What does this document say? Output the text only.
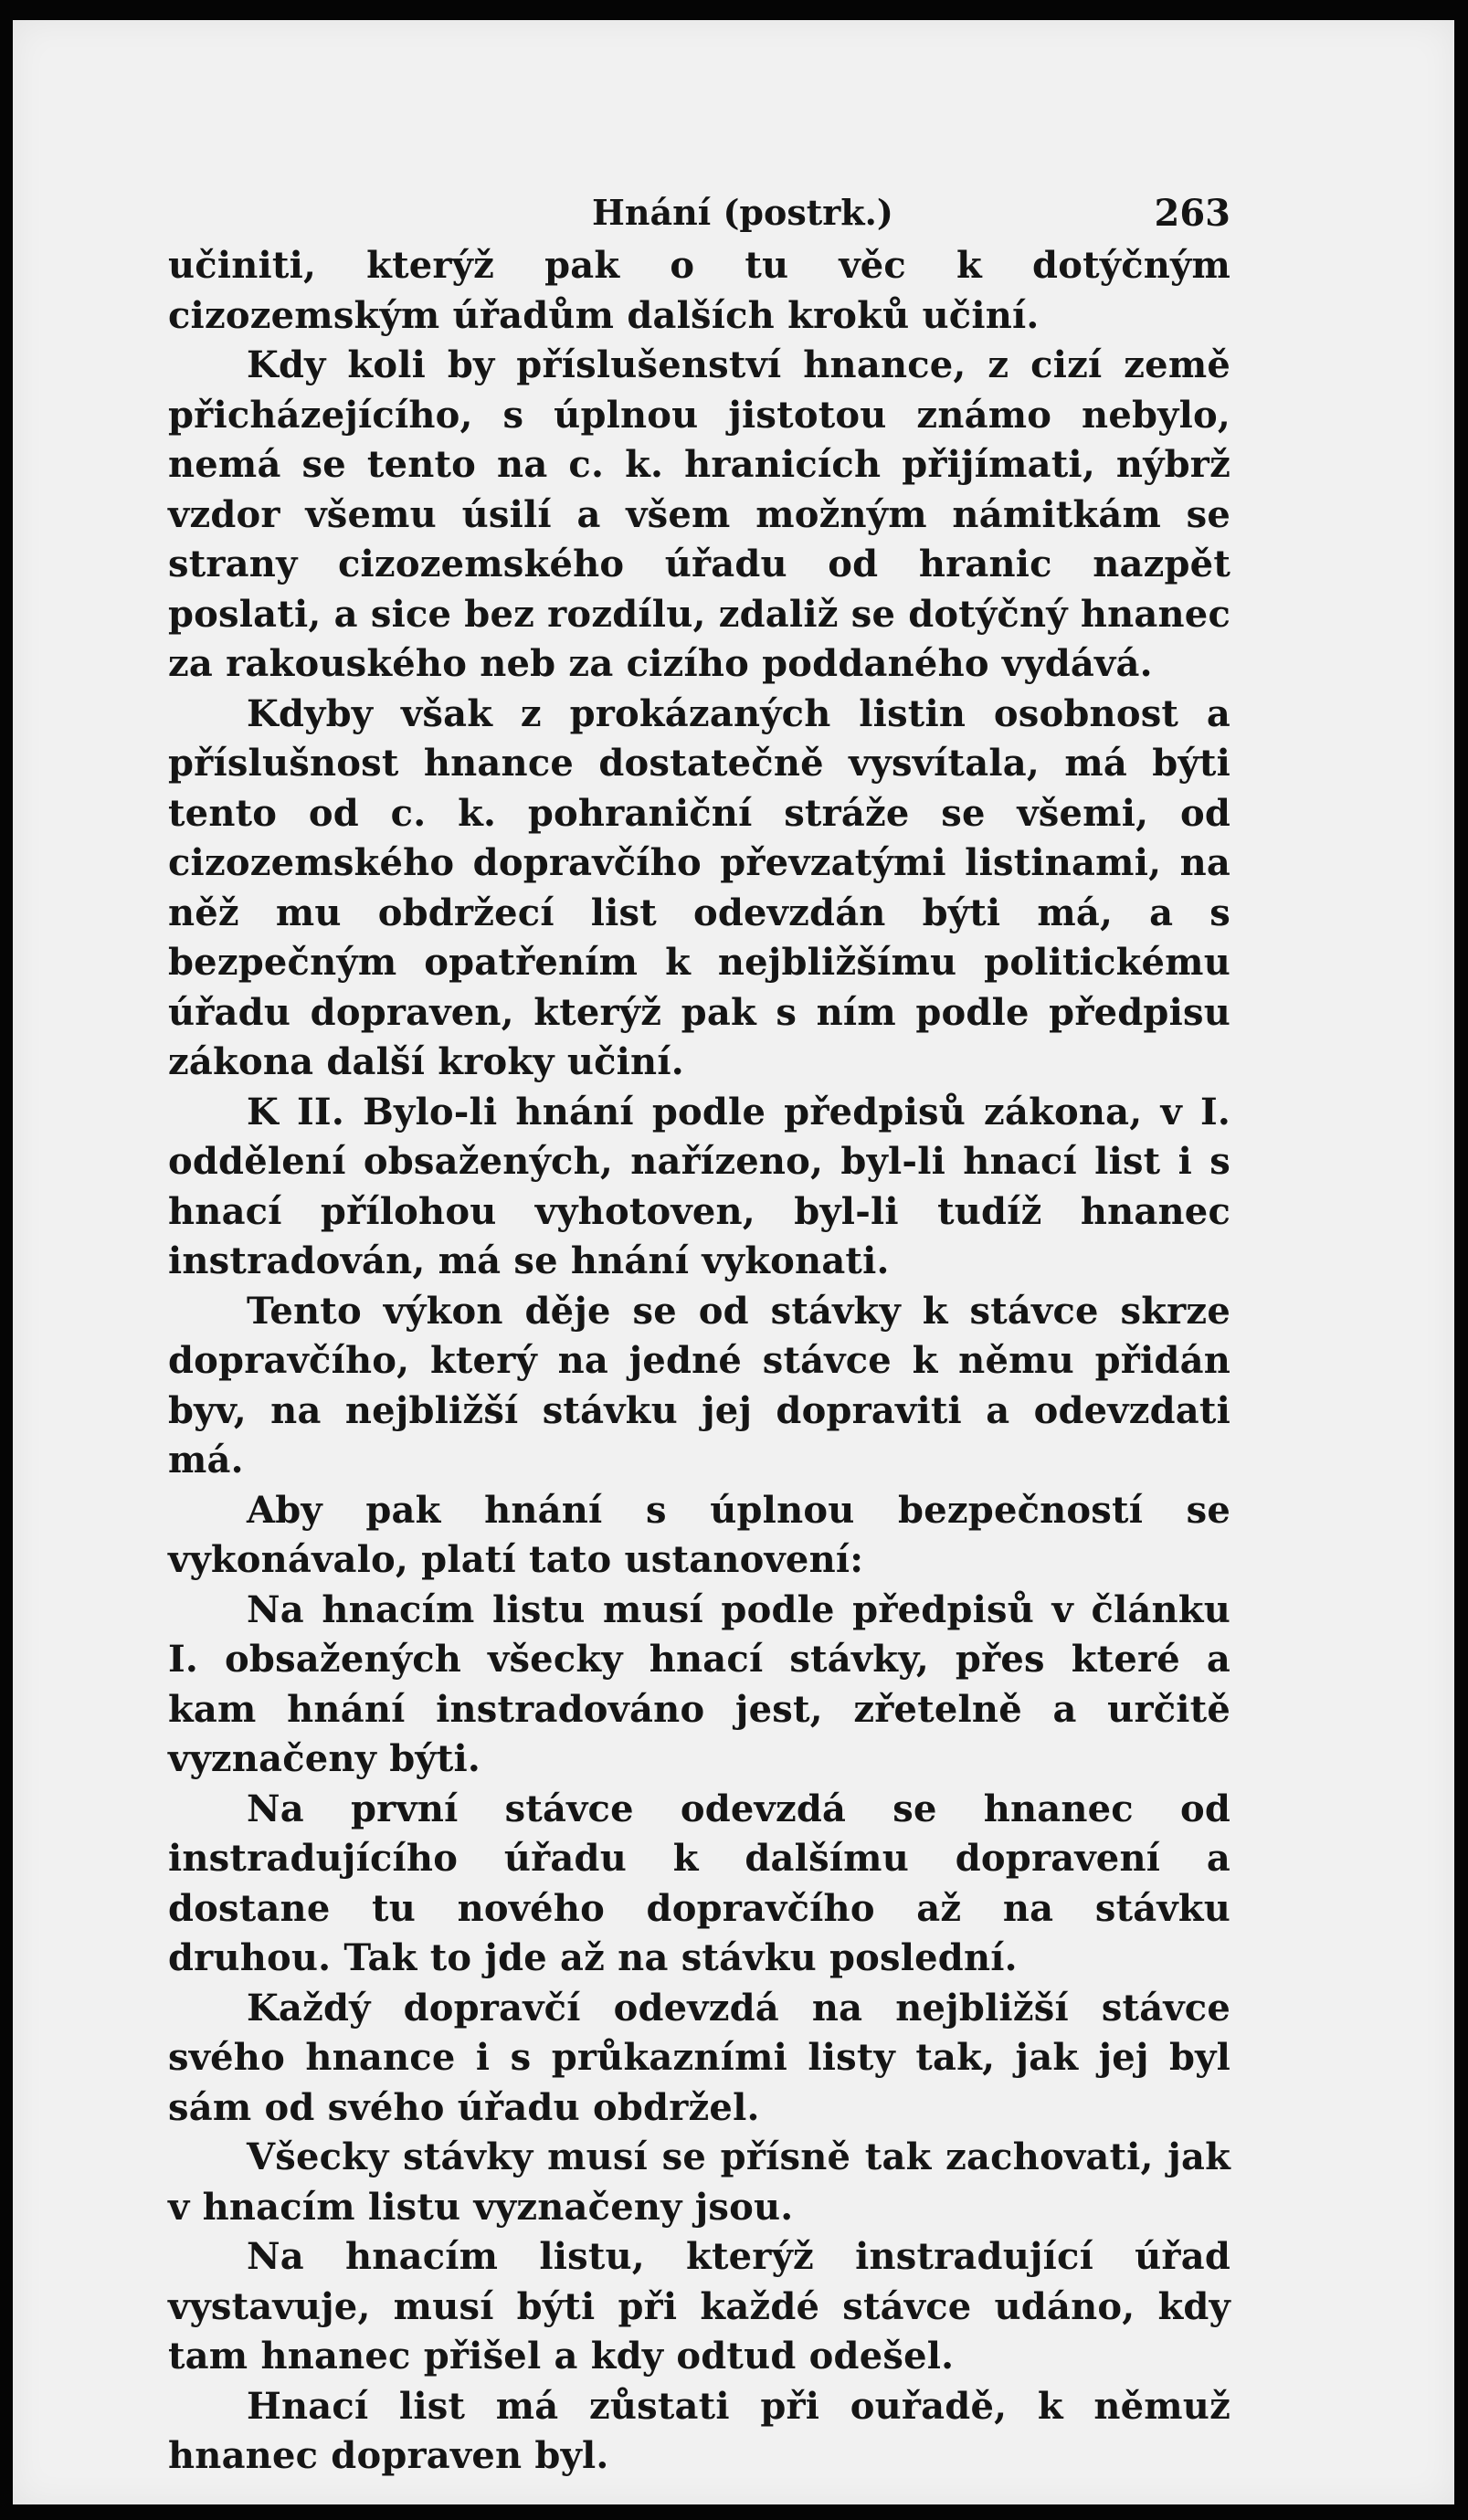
Hnání (postrk.)	263

učiniti, kterýž pak o tu věc k dotýčným cizozemským úřadům dalších kroků učiní.

Kdy koli by příslušenství hnance, z cizí země přicházejícího, s úplnou jistotou známo nebylo, nemá se tento na c. k. hranicích přijímati, nýbrž vzdor všemu úsilí a všem možným námitkám se strany cizozemského úřadu od hranic nazpět poslati, a sice bez rozdílu, zdaliž se dotýčný hnanec za rakouského neb za cizího poddaného vydává.

Kdyby však z prokázaných listin osobnost a příslušnost hnance dostatečně vysvítala, má býti tento od c. k. pohraniční stráže se všemi, od cizozemského dopravčího převzatými listinami, na něž mu obdržecí list odevzdán býti má, a s bezpečným opatřením k nejbližšímu politickému úřadu dopraven, kterýž pak s ním podle předpisu zákona další kroky učiní.

K II. Bylo-li hnání podle předpisů zákona, v I. oddělení obsažených, nařízeno, byl-li hnací list i s hnací přílohou vyhotoven, byl-li tudíž hnanec instradován, má se hnání vykonati.

Tento výkon děje se od stávky k stávce skrze dopravčího, který na jedné stávce k němu přidán byv, na nejbližší stávku jej dopraviti a odevzdati má.

Aby pak hnání s úplnou bezpečností se vykonávalo, platí tato ustanovení:

Na hnacím listu musí podle předpisů v článku I. obsažených všecky hnací stávky, přes které a kam hnání instradováno jest, zřetelně a určitě vyznačeny býti.

Na první stávce odevzdá se hnanec od instradujícího úřadu k dalšímu dopravení a dostane tu nového dopravčího až na stávku druhou. Tak to jde až na stávku poslední.

Každý dopravčí odevzdá na nejbližší stávce svého hnance i s průkazními listy tak, jak jej byl sám od svého úřadu obdržel.

Všecky stávky musí se přísně tak zachovati, jak v hnacím listu vyznačeny jsou.

Na hnacím listu, kterýž instradující úřad vystavuje, musí býti při každé stávce udáno, kdy tam hnanec přišel a kdy odtud odešel.

Hnací list má zůstati při ouřadě, k němuž hnanec dopraven byl.
